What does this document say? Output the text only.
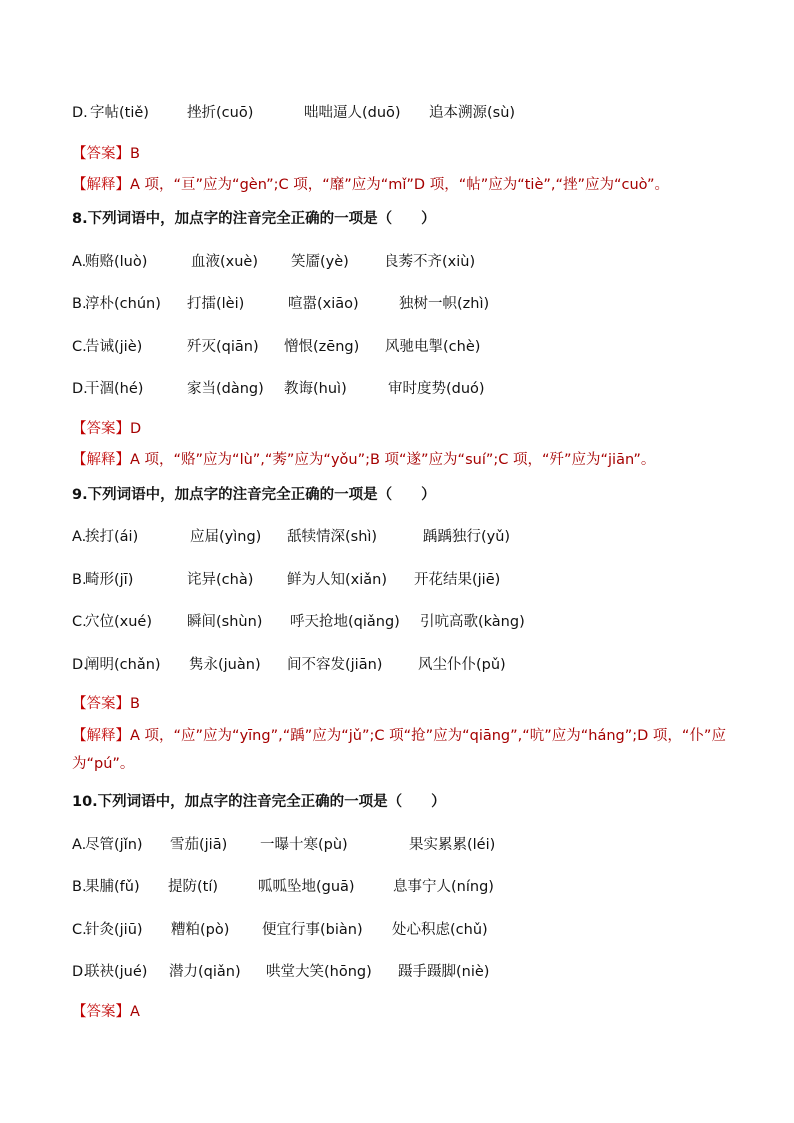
D. 字帖(tiě)	挫折(cuō)	咄咄逼人(duō) 追本溯源(sù)
【答案】B
【解释】A 项，“亘”应为“gèn”;C 项，“靡”应为“mǐ”D 项，“帖”应为“tiè”,“挫”应为“cuò”。
8.下列词语中，加点字的注音完全正确的一项是（　　）
A.
贿赂(luò)	血液(xuè) 笑靥(yè) 良莠不齐(xiù)
B.
淳朴(chún) 打擂(lèi)	喧嚣(xiāo)	独树一帜(zhì)
C.
告诫(jiè)	歼灭(qiān) 憎恨(zēng) 风驰电掣(chè)
D.
干涸(hé)	家当(dàng) 教诲(huì)	审时度势(duó)
【答案】D
【解释】A 项，“赂”应为“lù”,“莠”应为“yǒu”;B 项“遂”应为“suí”;C 项，“歼”应为“jiān”。
9.下列词语中，加点字的注音完全正确的一项是（　　）
A.
挨打(ái)	应届(yìng) 舐犊情深(shì)	踽踽独行(yǔ)
B.
畸形(jī)	诧异(chà) 鲜为人知(xiǎn) 开花结果(jiē)
C.
穴位(xué) 瞬间(shùn) 呼天抢地(qiǎng) 引吭高歌(kàng)
D.
阐明(chǎn) 隽永(juàn) 间不容发(jiān) 风尘仆仆(pǔ)
【答案】B
【解释】A 项，“应”应为“yīng”,“踽”应为“jǔ”;C 项“抢”应为“qiāng”,“吭”应为“háng”;D 项，“仆”应为“pú”。
10.下列词语中，加点字的注音完全正确的一项是（　　）
A.
尽管(jǐn) 雪茄(jiā) 一曝十寒(pù)	果实累累(léi)
B.
果脯(fǔ) 提防(tí)	呱呱坠地(guā)	息事宁人(níng)
C.
针灸(jiū) 糟粕(pò) 便宜行事(biàn) 处心积虑(chǔ)
D.
联袂(jué) 潜力(qiǎn) 哄堂大笑(hōng) 蹑手蹑脚(niè)
【答案】A
